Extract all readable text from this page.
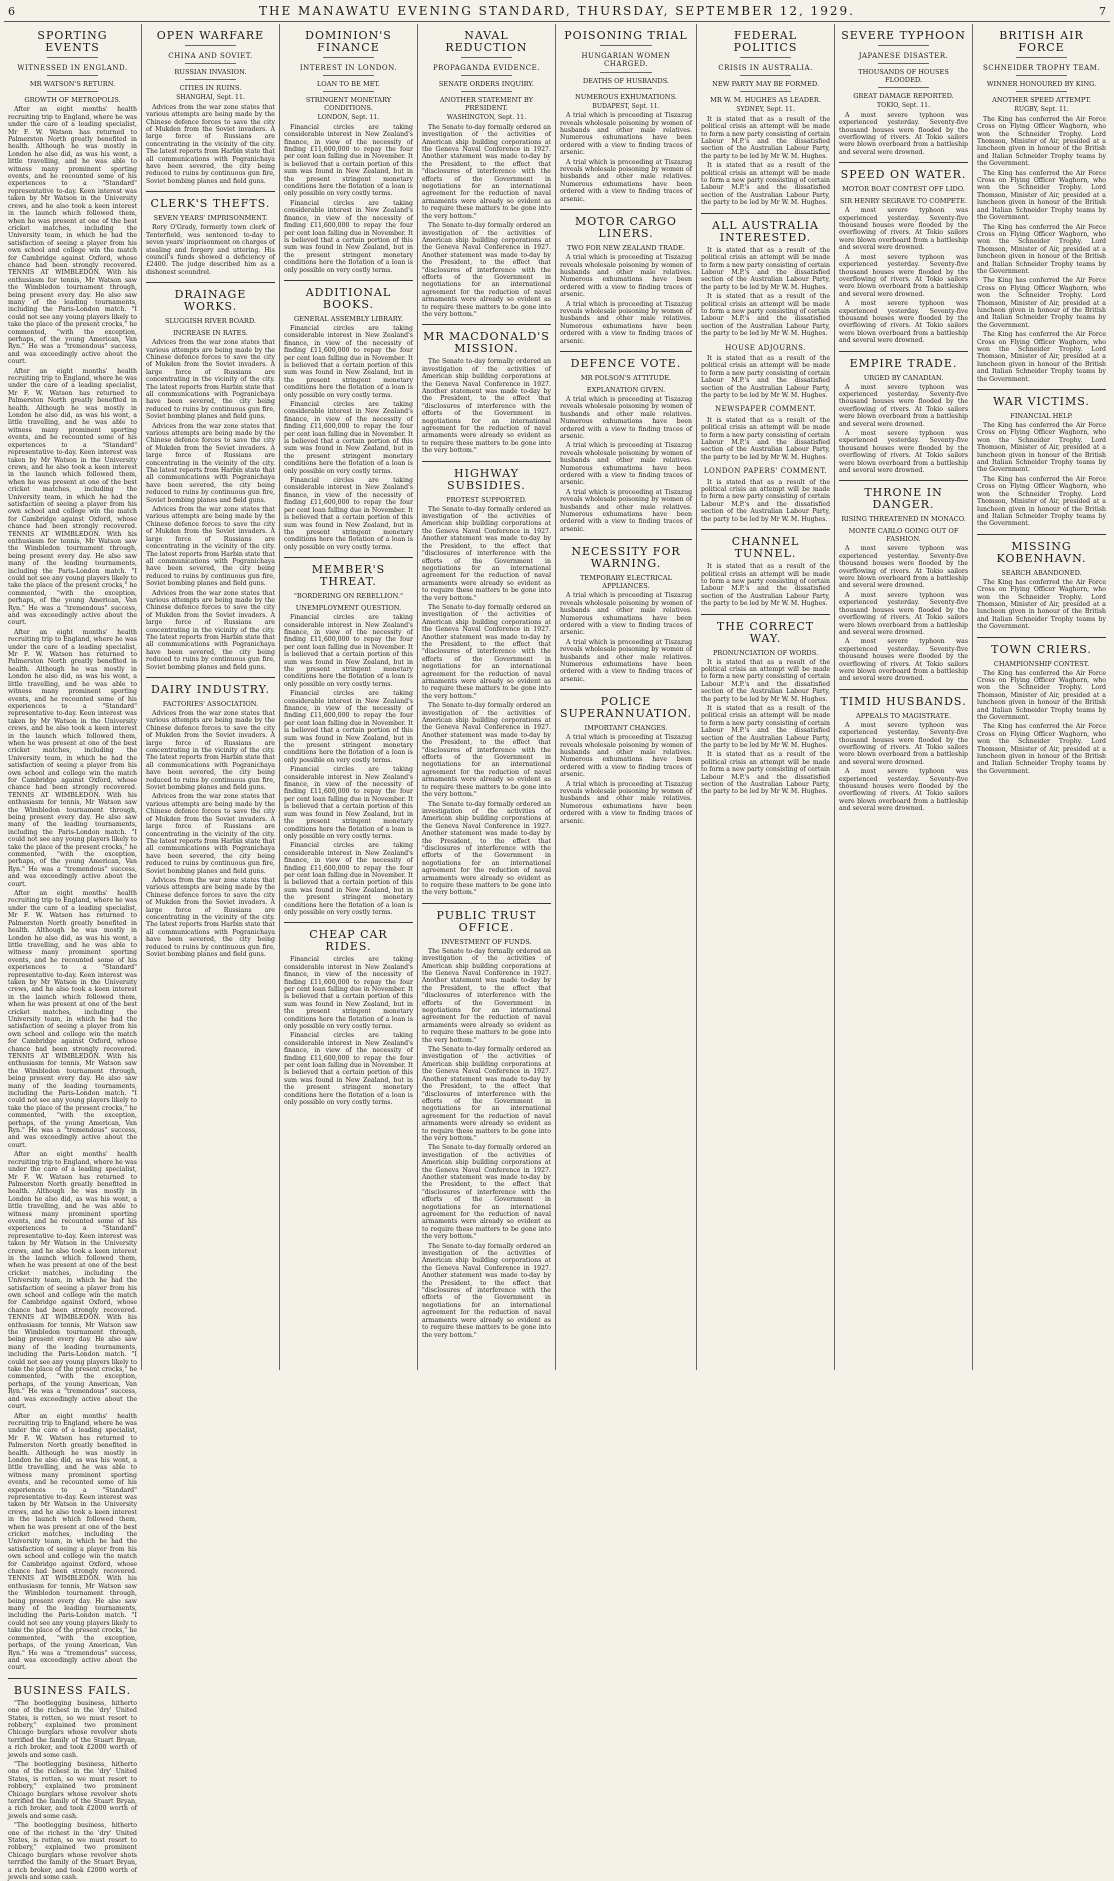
6	THE MANAWATU EVENING STANDARD, THURSDAY, SEPTEMBER 12, 1929.	7
SPORTING EVENTS
WITNESSED IN ENGLAND.
MR WATSON'S RETURN.
GROWTH OF METROPOLIS.

After an eight months' health recruiting trip to England, where he was under the care of a leading specialist, Mr F. W. Watson has returned to Palmerston North greatly benefited in health. Although he was mostly in London he also did, as was his wont, a little travelling, and he was able to witness many prominent sporting events, and he recounted some of his experiences to a "Standard" representative to-day. Keen interest was taken by Mr Watson in the University crews, and he also took a keen interest in the launch which followed them, when he was present at one of the best cricket matches, including the University team, in which he had the satisfaction of seeing a player from his own school and college win the match for Cambridge against Oxford, whose chance had been strongly recovered. TENNIS AT WIMBLEDON. With his enthusiasm for tennis, Mr Watson saw the Wimbledon tournament through, being present every day. He also saw many of the leading tournaments, including the Paris-London match. "I could not see any young players likely to take the place of the present crocks," he commented, "with the exception, perhaps, of the young American, Van Ryn." He was a "tremendous" success, and was exceedingly active about the court.

After an eight months' health recruiting trip to England, where he was under the care of a leading specialist, Mr F. W. Watson has returned to Palmerston North greatly benefited in health. Although he was mostly in London he also did, as was his wont, a little travelling, and he was able to witness many prominent sporting events, and he recounted some of his experiences to a "Standard" representative to-day. Keen interest was taken by Mr Watson in the University crews, and he also took a keen interest in the launch which followed them, when he was present at one of the best cricket matches, including the University team, in which he had the satisfaction of seeing a player from his own school and college win the match for Cambridge against Oxford, whose chance had been strongly recovered. TENNIS AT WIMBLEDON. With his enthusiasm for tennis, Mr Watson saw the Wimbledon tournament through, being present every day. He also saw many of the leading tournaments, including the Paris-London match. "I could not see any young players likely to take the place of the present crocks," he commented, "with the exception, perhaps, of the young American, Van Ryn." He was a "tremendous" success, and was exceedingly active about the court.

After an eight months' health recruiting trip to England, where he was under the care of a leading specialist, Mr F. W. Watson has returned to Palmerston North greatly benefited in health. Although he was mostly in London he also did, as was his wont, a little travelling, and he was able to witness many prominent sporting events, and he recounted some of his experiences to a "Standard" representative to-day. Keen interest was taken by Mr Watson in the University crews, and he also took a keen interest in the launch which followed them, when he was present at one of the best cricket matches, including the University team, in which he had the satisfaction of seeing a player from his own school and college win the match for Cambridge against Oxford, whose chance had been strongly recovered. TENNIS AT WIMBLEDON. With his enthusiasm for tennis, Mr Watson saw the Wimbledon tournament through, being present every day. He also saw many of the leading tournaments, including the Paris-London match. "I could not see any young players likely to take the place of the present crocks," he commented, "with the exception, perhaps, of the young American, Van Ryn." He was a "tremendous" success, and was exceedingly active about the court.

After an eight months' health recruiting trip to England, where he was under the care of a leading specialist, Mr F. W. Watson has returned to Palmerston North greatly benefited in health. Although he was mostly in London he also did, as was his wont, a little travelling, and he was able to witness many prominent sporting events, and he recounted some of his experiences to a "Standard" representative to-day. Keen interest was taken by Mr Watson in the University crews, and he also took a keen interest in the launch which followed them, when he was present at one of the best cricket matches, including the University team, in which he had the satisfaction of seeing a player from his own school and college win the match for Cambridge against Oxford, whose chance had been strongly recovered. TENNIS AT WIMBLEDON. With his enthusiasm for tennis, Mr Watson saw the Wimbledon tournament through, being present every day. He also saw many of the leading tournaments, including the Paris-London match. "I could not see any young players likely to take the place of the present crocks," he commented, "with the exception, perhaps, of the young American, Van Ryn." He was a "tremendous" success, and was exceedingly active about the court.

After an eight months' health recruiting trip to England, where he was under the care of a leading specialist, Mr F. W. Watson has returned to Palmerston North greatly benefited in health. Although he was mostly in London he also did, as was his wont, a little travelling, and he was able to witness many prominent sporting events, and he recounted some of his experiences to a "Standard" representative to-day. Keen interest was taken by Mr Watson in the University crews, and he also took a keen interest in the launch which followed them, when he was present at one of the best cricket matches, including the University team, in which he had the satisfaction of seeing a player from his own school and college win the match for Cambridge against Oxford, whose chance had been strongly recovered. TENNIS AT WIMBLEDON. With his enthusiasm for tennis, Mr Watson saw the Wimbledon tournament through, being present every day. He also saw many of the leading tournaments, including the Paris-London match. "I could not see any young players likely to take the place of the present crocks," he commented, "with the exception, perhaps, of the young American, Van Ryn." He was a "tremendous" success, and was exceedingly active about the court.

After an eight months' health recruiting trip to England, where he was under the care of a leading specialist, Mr F. W. Watson has returned to Palmerston North greatly benefited in health. Although he was mostly in London he also did, as was his wont, a little travelling, and he was able to witness many prominent sporting events, and he recounted some of his experiences to a "Standard" representative to-day. Keen interest was taken by Mr Watson in the University crews, and he also took a keen interest in the launch which followed them, when he was present at one of the best cricket matches, including the University team, in which he had the satisfaction of seeing a player from his own school and college win the match for Cambridge against Oxford, whose chance had been strongly recovered. TENNIS AT WIMBLEDON. With his enthusiasm for tennis, Mr Watson saw the Wimbledon tournament through, being present every day. He also saw many of the leading tournaments, including the Paris-London match. "I could not see any young players likely to take the place of the present crocks," he commented, "with the exception, perhaps, of the young American, Van Ryn." He was a "tremendous" success, and was exceedingly active about the court.

BUSINESS FAILS.

"The bootlegging business, hitherto one of the richest in the 'dry' United States, is rotten, so we must resort to robbery," explained two prominent Chicago burglars whose revolver shots terrified the family of the Stuart Bryan, a rich broker, and took £2000 worth of jewels and some cash.

"The bootlegging business, hitherto one of the richest in the 'dry' United States, is rotten, so we must resort to robbery," explained two prominent Chicago burglars whose revolver shots terrified the family of the Stuart Bryan, a rich broker, and took £2000 worth of jewels and some cash.

"The bootlegging business, hitherto one of the richest in the 'dry' United States, is rotten, so we must resort to robbery," explained two prominent Chicago burglars whose revolver shots terrified the family of the Stuart Bryan, a rich broker, and took £2000 worth of jewels and some cash.

OPEN WARFARE
CHINA AND SOVIET.
RUSSIAN INVASION.
CITIES IN RUINS.
SHANGHAI, Sept. 11.

Advices from the war zone states that various attempts are being made by the Chinese defence forces to save the city of Mukden from the Soviet invaders. A large force of Russians are concentrating in the vicinity of the city. The latest reports from Harbin state that all communications with Pogranichaya have been severed, the city being reduced to ruins by continuous gun fire, Soviet bombing planes and field guns.

CLERK'S THEFTS.
SEVEN YEARS' IMPRISONMENT.

Rory O'Grady, formerly town clerk of Tenterfield, was sentenced to-day to seven years' imprisonment on charges of stealing and forgery and uttering. His council's funds showed a deficiency of £2400. The judge described him as a dishonest scoundrel.

DRAINAGE WORKS.
SLUGGISH RIVER BOARD.
INCREASE IN RATES.

Advices from the war zone states that various attempts are being made by the Chinese defence forces to save the city of Mukden from the Soviet invaders. A large force of Russians are concentrating in the vicinity of the city. The latest reports from Harbin state that all communications with Pogranichaya have been severed, the city being reduced to ruins by continuous gun fire, Soviet bombing planes and field guns.

Advices from the war zone states that various attempts are being made by the Chinese defence forces to save the city of Mukden from the Soviet invaders. A large force of Russians are concentrating in the vicinity of the city. The latest reports from Harbin state that all communications with Pogranichaya have been severed, the city being reduced to ruins by continuous gun fire, Soviet bombing planes and field guns.

Advices from the war zone states that various attempts are being made by the Chinese defence forces to save the city of Mukden from the Soviet invaders. A large force of Russians are concentrating in the vicinity of the city. The latest reports from Harbin state that all communications with Pogranichaya have been severed, the city being reduced to ruins by continuous gun fire, Soviet bombing planes and field guns.

Advices from the war zone states that various attempts are being made by the Chinese defence forces to save the city of Mukden from the Soviet invaders. A large force of Russians are concentrating in the vicinity of the city. The latest reports from Harbin state that all communications with Pogranichaya have been severed, the city being reduced to ruins by continuous gun fire, Soviet bombing planes and field guns.

DAIRY INDUSTRY.
FACTORIES' ASSOCIATION.

Advices from the war zone states that various attempts are being made by the Chinese defence forces to save the city of Mukden from the Soviet invaders. A large force of Russians are concentrating in the vicinity of the city. The latest reports from Harbin state that all communications with Pogranichaya have been severed, the city being reduced to ruins by continuous gun fire, Soviet bombing planes and field guns.

Advices from the war zone states that various attempts are being made by the Chinese defence forces to save the city of Mukden from the Soviet invaders. A large force of Russians are concentrating in the vicinity of the city. The latest reports from Harbin state that all communications with Pogranichaya have been severed, the city being reduced to ruins by continuous gun fire, Soviet bombing planes and field guns.

Advices from the war zone states that various attempts are being made by the Chinese defence forces to save the city of Mukden from the Soviet invaders. A large force of Russians are concentrating in the vicinity of the city. The latest reports from Harbin state that all communications with Pogranichaya have been severed, the city being reduced to ruins by continuous gun fire, Soviet bombing planes and field guns.

DOMINION'S FINANCE
INTEREST IN LONDON.
LOAN TO BE MET.
STRINGENT MONETARY CONDITIONS.
LONDON, Sept. 11.

Financial circles are taking considerable interest in New Zealand's finance, in view of the necessity of finding £11,600,000 to repay the four per cent loan falling due in November. It is believed that a certain portion of this sum was found in New Zealand, but in the present stringent monetary conditions here the flotation of a loan is only possible on very costly terms.

Financial circles are taking considerable interest in New Zealand's finance, in view of the necessity of finding £11,600,000 to repay the four per cent loan falling due in November. It is believed that a certain portion of this sum was found in New Zealand, but in the present stringent monetary conditions here the flotation of a loan is only possible on very costly terms.

ADDITIONAL BOOKS.
GENERAL ASSEMBLY LIBRARY.

Financial circles are taking considerable interest in New Zealand's finance, in view of the necessity of finding £11,600,000 to repay the four per cent loan falling due in November. It is believed that a certain portion of this sum was found in New Zealand, but in the present stringent monetary conditions here the flotation of a loan is only possible on very costly terms.

Financial circles are taking considerable interest in New Zealand's finance, in view of the necessity of finding £11,600,000 to repay the four per cent loan falling due in November. It is believed that a certain portion of this sum was found in New Zealand, but in the present stringent monetary conditions here the flotation of a loan is only possible on very costly terms.

Financial circles are taking considerable interest in New Zealand's finance, in view of the necessity of finding £11,600,000 to repay the four per cent loan falling due in November. It is believed that a certain portion of this sum was found in New Zealand, but in the present stringent monetary conditions here the flotation of a loan is only possible on very costly terms.

MEMBER'S THREAT.
"BORDERING ON REBELLION."
UNEMPLOYMENT QUESTION.

Financial circles are taking considerable interest in New Zealand's finance, in view of the necessity of finding £11,600,000 to repay the four per cent loan falling due in November. It is believed that a certain portion of this sum was found in New Zealand, but in the present stringent monetary conditions here the flotation of a loan is only possible on very costly terms.

Financial circles are taking considerable interest in New Zealand's finance, in view of the necessity of finding £11,600,000 to repay the four per cent loan falling due in November. It is believed that a certain portion of this sum was found in New Zealand, but in the present stringent monetary conditions here the flotation of a loan is only possible on very costly terms.

Financial circles are taking considerable interest in New Zealand's finance, in view of the necessity of finding £11,600,000 to repay the four per cent loan falling due in November. It is believed that a certain portion of this sum was found in New Zealand, but in the present stringent monetary conditions here the flotation of a loan is only possible on very costly terms.

Financial circles are taking considerable interest in New Zealand's finance, in view of the necessity of finding £11,600,000 to repay the four per cent loan falling due in November. It is believed that a certain portion of this sum was found in New Zealand, but in the present stringent monetary conditions here the flotation of a loan is only possible on very costly terms.

CHEAP CAR RIDES.

Financial circles are taking considerable interest in New Zealand's finance, in view of the necessity of finding £11,600,000 to repay the four per cent loan falling due in November. It is believed that a certain portion of this sum was found in New Zealand, but in the present stringent monetary conditions here the flotation of a loan is only possible on very costly terms.

Financial circles are taking considerable interest in New Zealand's finance, in view of the necessity of finding £11,600,000 to repay the four per cent loan falling due in November. It is believed that a certain portion of this sum was found in New Zealand, but in the present stringent monetary conditions here the flotation of a loan is only possible on very costly terms.

NAVAL REDUCTION
PROPAGANDA EVIDENCE.
SENATE ORDERS INQUIRY.
ANOTHER STATEMENT BY PRESIDENT.
WASHINGTON, Sept. 11.

The Senate to-day formally ordered an investigation of the activities of American ship building corporations at the Geneva Naval Conference in 1927. Another statement was made to-day by the President, to the effect that "disclosures of interference with the efforts of the Government in negotiations for an international agreement for the reduction of naval armaments were already so evident as to require these matters to be gone into the very bottom."

The Senate to-day formally ordered an investigation of the activities of American ship building corporations at the Geneva Naval Conference in 1927. Another statement was made to-day by the President, to the effect that "disclosures of interference with the efforts of the Government in negotiations for an international agreement for the reduction of naval armaments were already so evident as to require these matters to be gone into the very bottom."

MR MACDONALD'S MISSION.

The Senate to-day formally ordered an investigation of the activities of American ship building corporations at the Geneva Naval Conference in 1927. Another statement was made to-day by the President, to the effect that "disclosures of interference with the efforts of the Government in negotiations for an international agreement for the reduction of naval armaments were already so evident as to require these matters to be gone into the very bottom."

HIGHWAY SUBSIDIES.
PROTEST SUPPORTED.

The Senate to-day formally ordered an investigation of the activities of American ship building corporations at the Geneva Naval Conference in 1927. Another statement was made to-day by the President, to the effect that "disclosures of interference with the efforts of the Government in negotiations for an international agreement for the reduction of naval armaments were already so evident as to require these matters to be gone into the very bottom."

The Senate to-day formally ordered an investigation of the activities of American ship building corporations at the Geneva Naval Conference in 1927. Another statement was made to-day by the President, to the effect that "disclosures of interference with the efforts of the Government in negotiations for an international agreement for the reduction of naval armaments were already so evident as to require these matters to be gone into the very bottom."

The Senate to-day formally ordered an investigation of the activities of American ship building corporations at the Geneva Naval Conference in 1927. Another statement was made to-day by the President, to the effect that "disclosures of interference with the efforts of the Government in negotiations for an international agreement for the reduction of naval armaments were already so evident as to require these matters to be gone into the very bottom."

The Senate to-day formally ordered an investigation of the activities of American ship building corporations at the Geneva Naval Conference in 1927. Another statement was made to-day by the President, to the effect that "disclosures of interference with the efforts of the Government in negotiations for an international agreement for the reduction of naval armaments were already so evident as to require these matters to be gone into the very bottom."

PUBLIC TRUST OFFICE.
INVESTMENT OF FUNDS.

The Senate to-day formally ordered an investigation of the activities of American ship building corporations at the Geneva Naval Conference in 1927. Another statement was made to-day by the President, to the effect that "disclosures of interference with the efforts of the Government in negotiations for an international agreement for the reduction of naval armaments were already so evident as to require these matters to be gone into the very bottom."

The Senate to-day formally ordered an investigation of the activities of American ship building corporations at the Geneva Naval Conference in 1927. Another statement was made to-day by the President, to the effect that "disclosures of interference with the efforts of the Government in negotiations for an international agreement for the reduction of naval armaments were already so evident as to require these matters to be gone into the very bottom."

The Senate to-day formally ordered an investigation of the activities of American ship building corporations at the Geneva Naval Conference in 1927. Another statement was made to-day by the President, to the effect that "disclosures of interference with the efforts of the Government in negotiations for an international agreement for the reduction of naval armaments were already so evident as to require these matters to be gone into the very bottom."

The Senate to-day formally ordered an investigation of the activities of American ship building corporations at the Geneva Naval Conference in 1927. Another statement was made to-day by the President, to the effect that "disclosures of interference with the efforts of the Government in negotiations for an international agreement for the reduction of naval armaments were already so evident as to require these matters to be gone into the very bottom."

POISONING TRIAL
HUNGARIAN WOMEN CHARGED.
DEATHS OF HUSBANDS.
NUMEROUS EXHUMATIONS.
BUDAPEST, Sept. 11.

A trial which is proceeding at Tiszazug reveals wholesale poisoning by women of husbands and other male relatives. Numerous exhumations have been ordered with a view to finding traces of arsenic.

A trial which is proceeding at Tiszazug reveals wholesale poisoning by women of husbands and other male relatives. Numerous exhumations have been ordered with a view to finding traces of arsenic.

MOTOR CARGO LINERS.
TWO FOR NEW ZEALAND TRADE.

A trial which is proceeding at Tiszazug reveals wholesale poisoning by women of husbands and other male relatives. Numerous exhumations have been ordered with a view to finding traces of arsenic.

A trial which is proceeding at Tiszazug reveals wholesale poisoning by women of husbands and other male relatives. Numerous exhumations have been ordered with a view to finding traces of arsenic.

DEFENCE VOTE.
MR POLSON'S ATTITUDE.
EXPLANATION GIVEN.

A trial which is proceeding at Tiszazug reveals wholesale poisoning by women of husbands and other male relatives. Numerous exhumations have been ordered with a view to finding traces of arsenic.

A trial which is proceeding at Tiszazug reveals wholesale poisoning by women of husbands and other male relatives. Numerous exhumations have been ordered with a view to finding traces of arsenic.

A trial which is proceeding at Tiszazug reveals wholesale poisoning by women of husbands and other male relatives. Numerous exhumations have been ordered with a view to finding traces of arsenic.

NECESSITY FOR WARNING.
TEMPORARY ELECTRICAL APPLIANCES.

A trial which is proceeding at Tiszazug reveals wholesale poisoning by women of husbands and other male relatives. Numerous exhumations have been ordered with a view to finding traces of arsenic.

A trial which is proceeding at Tiszazug reveals wholesale poisoning by women of husbands and other male relatives. Numerous exhumations have been ordered with a view to finding traces of arsenic.

POLICE SUPERANNUATION.
IMPORTANT CHANGES.

A trial which is proceeding at Tiszazug reveals wholesale poisoning by women of husbands and other male relatives. Numerous exhumations have been ordered with a view to finding traces of arsenic.

A trial which is proceeding at Tiszazug reveals wholesale poisoning by women of husbands and other male relatives. Numerous exhumations have been ordered with a view to finding traces of arsenic.

FEDERAL POLITICS
CRISIS IN AUSTRALIA.
NEW PARTY MAY BE FORMED.
MR W. M. HUGHES AS LEADER.
SYDNEY, Sept. 11.

It is stated that as a result of the political crisis an attempt will be made to form a new party consisting of certain Labour M.P.'s and the dissatisfied section of the Australian Labour Party, the party to be led by Mr W. M. Hughes.

It is stated that as a result of the political crisis an attempt will be made to form a new party consisting of certain Labour M.P.'s and the dissatisfied section of the Australian Labour Party, the party to be led by Mr W. M. Hughes.

ALL AUSTRALIA INTERESTED.

It is stated that as a result of the political crisis an attempt will be made to form a new party consisting of certain Labour M.P.'s and the dissatisfied section of the Australian Labour Party, the party to be led by Mr W. M. Hughes.

It is stated that as a result of the political crisis an attempt will be made to form a new party consisting of certain Labour M.P.'s and the dissatisfied section of the Australian Labour Party, the party to be led by Mr W. M. Hughes.

HOUSE ADJOURNS.

It is stated that as a result of the political crisis an attempt will be made to form a new party consisting of certain Labour M.P.'s and the dissatisfied section of the Australian Labour Party, the party to be led by Mr W. M. Hughes.

NEWSPAPER COMMENT.

It is stated that as a result of the political crisis an attempt will be made to form a new party consisting of certain Labour M.P.'s and the dissatisfied section of the Australian Labour Party, the party to be led by Mr W. M. Hughes.

LONDON PAPERS' COMMENT.

It is stated that as a result of the political crisis an attempt will be made to form a new party consisting of certain Labour M.P.'s and the dissatisfied section of the Australian Labour Party, the party to be led by Mr W. M. Hughes.

CHANNEL TUNNEL.

It is stated that as a result of the political crisis an attempt will be made to form a new party consisting of certain Labour M.P.'s and the dissatisfied section of the Australian Labour Party, the party to be led by Mr W. M. Hughes.

THE CORRECT WAY.
PRONUNCIATION OF WORDS.

It is stated that as a result of the political crisis an attempt will be made to form a new party consisting of certain Labour M.P.'s and the dissatisfied section of the Australian Labour Party, the party to be led by Mr W. M. Hughes.

It is stated that as a result of the political crisis an attempt will be made to form a new party consisting of certain Labour M.P.'s and the dissatisfied section of the Australian Labour Party, the party to be led by Mr W. M. Hughes.

It is stated that as a result of the political crisis an attempt will be made to form a new party consisting of certain Labour M.P.'s and the dissatisfied section of the Australian Labour Party, the party to be led by Mr W. M. Hughes.

SEVERE TYPHOON
JAPANESE DISASTER.
THOUSANDS OF HOUSES FLOODED.
GREAT DAMAGE REPORTED.
TOKIO, Sept. 11.

A most severe typhoon was experienced yesterday. Seventy-five thousand houses were flooded by the overflowing of rivers. At Tokio sailors were blown overboard from a battleship and several were drowned.

SPEED ON WATER.
MOTOR BOAT CONTEST OFF LIDO.
SIR HENRY SEGRAVE TO COMPETE.

A most severe typhoon was experienced yesterday. Seventy-five thousand houses were flooded by the overflowing of rivers. At Tokio sailors were blown overboard from a battleship and several were drowned.

A most severe typhoon was experienced yesterday. Seventy-five thousand houses were flooded by the overflowing of rivers. At Tokio sailors were blown overboard from a battleship and several were drowned.

A most severe typhoon was experienced yesterday. Seventy-five thousand houses were flooded by the overflowing of rivers. At Tokio sailors were blown overboard from a battleship and several were drowned.

EMPIRE TRADE.
URGED BY CANADIAN.

A most severe typhoon was experienced yesterday. Seventy-five thousand houses were flooded by the overflowing of rivers. At Tokio sailors were blown overboard from a battleship and several were drowned.

A most severe typhoon was experienced yesterday. Seventy-five thousand houses were flooded by the overflowing of rivers. At Tokio sailors were blown overboard from a battleship and several were drowned.

THRONE IN DANGER.
RISING THREATENED IN MONACO.
MONTE CARLO GOING OUT OF FASHION.

A most severe typhoon was experienced yesterday. Seventy-five thousand houses were flooded by the overflowing of rivers. At Tokio sailors were blown overboard from a battleship and several were drowned.

A most severe typhoon was experienced yesterday. Seventy-five thousand houses were flooded by the overflowing of rivers. At Tokio sailors were blown overboard from a battleship and several were drowned.

A most severe typhoon was experienced yesterday. Seventy-five thousand houses were flooded by the overflowing of rivers. At Tokio sailors were blown overboard from a battleship and several were drowned.

TIMID HUSBANDS.
APPEALS TO MAGISTRATE.

A most severe typhoon was experienced yesterday. Seventy-five thousand houses were flooded by the overflowing of rivers. At Tokio sailors were blown overboard from a battleship and several were drowned.

A most severe typhoon was experienced yesterday. Seventy-five thousand houses were flooded by the overflowing of rivers. At Tokio sailors were blown overboard from a battleship and several were drowned.

BRITISH AIR FORCE
SCHNEIDER TROPHY TEAM.
WINNER HONOURED BY KING.
ANOTHER SPEED ATTEMPT.
RUGBY, Sept. 11.

The King has conferred the Air Force Cross on Flying Officer Waghorn, who won the Schneider Trophy. Lord Thomson, Minister of Air, presided at a luncheon given in honour of the British and Italian Schneider Trophy teams by the Government.

The King has conferred the Air Force Cross on Flying Officer Waghorn, who won the Schneider Trophy. Lord Thomson, Minister of Air, presided at a luncheon given in honour of the British and Italian Schneider Trophy teams by the Government.

The King has conferred the Air Force Cross on Flying Officer Waghorn, who won the Schneider Trophy. Lord Thomson, Minister of Air, presided at a luncheon given in honour of the British and Italian Schneider Trophy teams by the Government.

The King has conferred the Air Force Cross on Flying Officer Waghorn, who won the Schneider Trophy. Lord Thomson, Minister of Air, presided at a luncheon given in honour of the British and Italian Schneider Trophy teams by the Government.

The King has conferred the Air Force Cross on Flying Officer Waghorn, who won the Schneider Trophy. Lord Thomson, Minister of Air, presided at a luncheon given in honour of the British and Italian Schneider Trophy teams by the Government.

WAR VICTIMS.
FINANCIAL HELP.

The King has conferred the Air Force Cross on Flying Officer Waghorn, who won the Schneider Trophy. Lord Thomson, Minister of Air, presided at a luncheon given in honour of the British and Italian Schneider Trophy teams by the Government.

The King has conferred the Air Force Cross on Flying Officer Waghorn, who won the Schneider Trophy. Lord Thomson, Minister of Air, presided at a luncheon given in honour of the British and Italian Schneider Trophy teams by the Government.

MISSING KOBENHAVN.
SEARCH ABANDONED.

The King has conferred the Air Force Cross on Flying Officer Waghorn, who won the Schneider Trophy. Lord Thomson, Minister of Air, presided at a luncheon given in honour of the British and Italian Schneider Trophy teams by the Government.

TOWN CRIERS.
CHAMPIONSHIP CONTEST.

The King has conferred the Air Force Cross on Flying Officer Waghorn, who won the Schneider Trophy. Lord Thomson, Minister of Air, presided at a luncheon given in honour of the British and Italian Schneider Trophy teams by the Government.

The King has conferred the Air Force Cross on Flying Officer Waghorn, who won the Schneider Trophy. Lord Thomson, Minister of Air, presided at a luncheon given in honour of the British and Italian Schneider Trophy teams by the Government.
